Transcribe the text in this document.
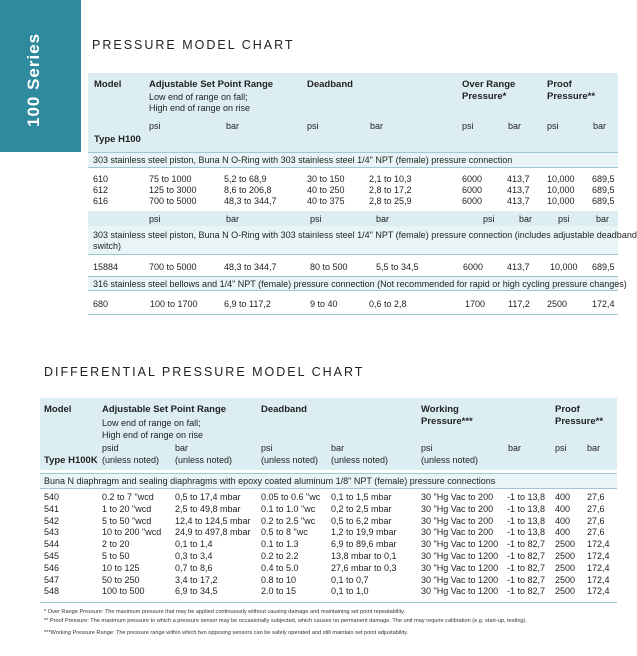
100 Series	PRESSURE MODEL CHART
Model	Adjustable Set Point Range
Low end of range on fall;
High end of range on rise
Deadband	Over Range
Pressure*
Proof
Pressure**
psi	bar	psi	bar	psi	bar	psi	bar
Type H100
303 stainless steel piston, Buna N O-Ring with 303 stainless steel 1/4" NPT (female) pressure connection
610	75 to 1000	5,2 to 68,9	30 to 150	2,1 to 10,3	6000	413,7 10,000 689,5
612	125 to 3000	8,6 to 206,8	40 to 250	2,8 to 17,2	6000	413,7 10,000 689,5
616	700 to 5000	48,3 to 344,7	40 to 375	2,8 to 25,9	6000	413,7 10,000 689,5
psi	bar	psi	bar	psi	bar	psi	bar
303 stainless steel piston, Buna N O-Ring with 303 stainless steel 1/4" NPT (female) pressure connection (includes adjustable deadband
switch)
15884	700 to 5000	48,3 to 344,7	80 to 500	5,5 to 34,5	6000	413,7 10,000 689,5
316 stainless steel bellows and 1/4" NPT (female) pressure connection (Not recommended for rapid or high cycling pressure changes)
680	100 to 1700	6,9 to 117,2	9 to 40	0,6 to 2,8	1700	117,2 2500	172,4
DIFFERENTIAL PRESSURE MODEL CHART
Model	Adjustable Set Point Range
Low end of range on fall;
High end of range on rise
Deadband	Working
Pressure***
Proof
Pressure**
psid	bar	psi	bar	psi	bar	psi bar
Type H100K (unless noted) (unless noted)	(unless noted) (unless noted)	(unless noted)
Buna N diaphragm and sealing diaphragms with epoxy coated aluminum 1/8" NPT (female) pressure connections
540	0.2 to 7 "wcd 0,5 to 17,4 mbar 0.05 to 0.6 "wc 0,1 to 1,5 mbar	30 "Hg Vac to 200 -1 to 13,8 400 27,6
541	1 to 20 "wcd	2,5 to 49,8 mbar 0.1 to 1.0 "wc 0,2 to 2,5 mbar	30 "Hg Vac to 200 -1 to 13,8 400 27,6
542	5 to 50 "wcd	12,4 to 124,5 mbar 0.2 to 2.5 "wc 0,5 to 6,2 mbar	30 "Hg Vac to 200 -1 to 13,8 400 27,6
543	10 to 200 "wcd 24,9 to 497,8 mbar 0.5 to 8 "wc	1,2 to 19,9 mbar	30 "Hg Vac to 200 -1 to 13,8 400 27,6
544	2 to 20	0,1 to 1,4	0.1 to 1.3	6,9 to 89,6 mbar	30 "Hg Vac to 1200 -1 to 82,7 2500 172,4
545	5 to 50	0,3 to 3,4	0.2 to 2.2	13,8 mbar to 0,1	30 "Hg Vac to 1200 -1 to 82,7 2500 172,4
546	10 to 125	0,7 to 8,6	0.4 to 5.0	27,6 mbar to 0,3	30 "Hg Vac to 1200 -1 to 82,7 2500 172,4
547	50 to 250	3,4 to 17,2	0.8 to 10	0,1 to 0,7	30 "Hg Vac to 1200 -1 to 82,7 2500 172,4
548	100 to 500	6,9 to 34,5	2.0 to 15	0,1 to 1,0	30 "Hg Vac to 1200 -1 to 82,7 2500 172,4
* Over Range Pressure: The maximum pressure that may be applied continuously without causing damage and maintaining set point repeatability.
** Proof Pressure: The maximum pressure to which a pressure sensor may be occasionally subjected, which causes no permanent damage. The unit may require calibration (e.g. start-up, testing).
***Working Pressure Range: The pressure range within which two opposing sensors can be safely operated and still maintain set point adjustability.
